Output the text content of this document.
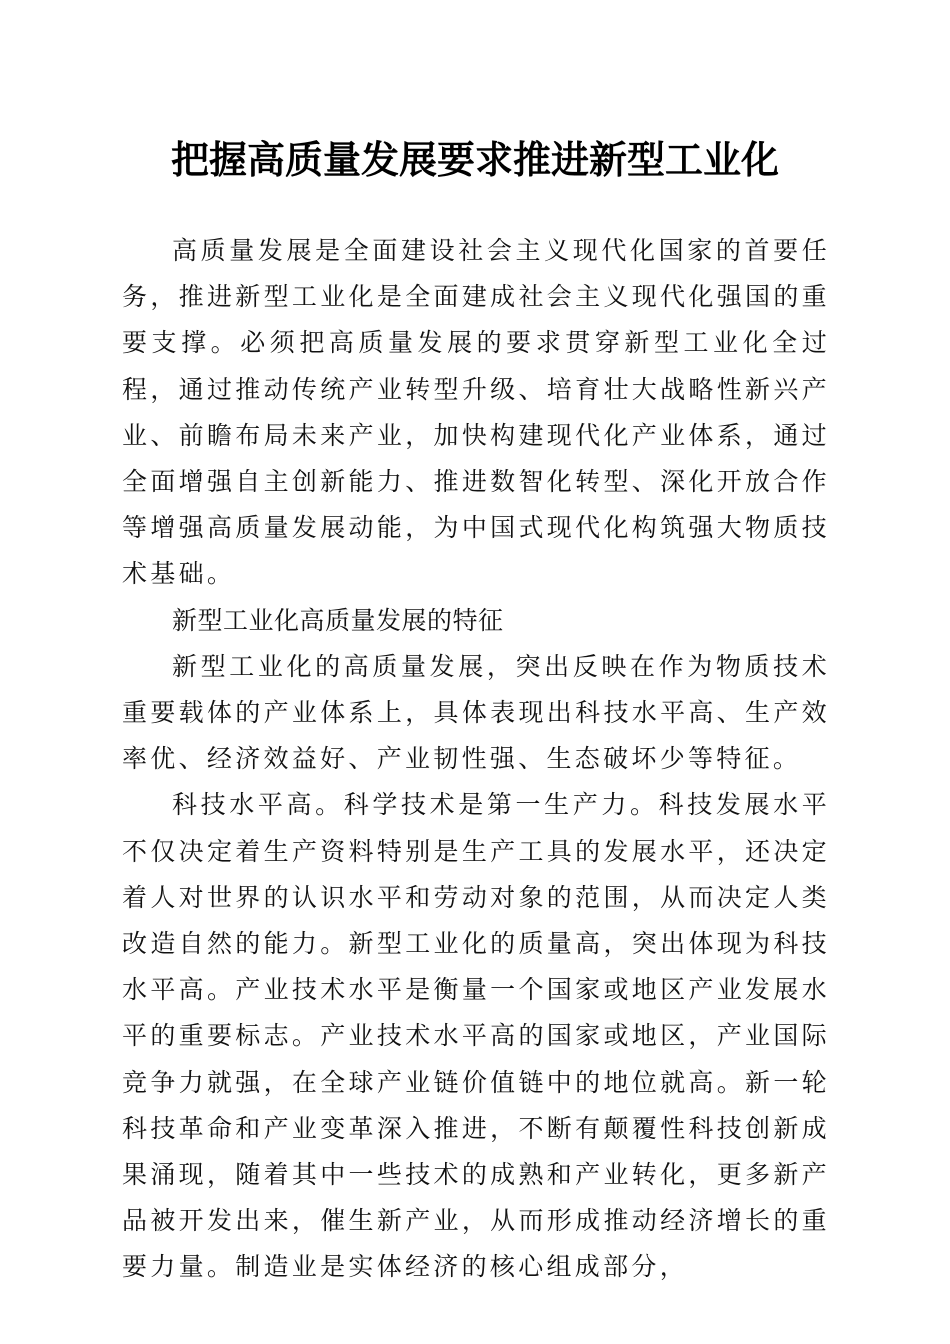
把握高质量发展要求推进新型工业化

高质量发展是全面建设社会主义现代化国家的首要任务，推进新型工业化是全面建成社会主义现代化强国的重要支撑。必须把高质量发展的要求贯穿新型工业化全过程，通过推动传统产业转型升级、培育壮大战略性新兴产业、前瞻布局未来产业，加快构建现代化产业体系，通过全面增强自主创新能力、推进数智化转型、深化开放合作等增强高质量发展动能，为中国式现代化构筑强大物质技术基础。

新型工业化高质量发展的特征

新型工业化的高质量发展，突出反映在作为物质技术重要载体的产业体系上，具体表现出科技水平高、生产效率优、经济效益好、产业韧性强、生态破坏少等特征。

科技水平高。科学技术是第一生产力。科技发展水平不仅决定着生产资料特别是生产工具的发展水平，还决定着人对世界的认识水平和劳动对象的范围，从而决定人类改造自然的能力。新型工业化的质量高，突出体现为科技水平高。产业技术水平是衡量一个国家或地区产业发展水平的重要标志。产业技术水平高的国家或地区，产业国际竞争力就强，在全球产业链价值链中的地位就高。新一轮科技革命和产业变革深入推进，不断有颠覆性科技创新成果涌现，随着其中一些技术的成熟和产业转化，更多新产品被开发出来，催生新产业，从而形成推动经济增长的重要力量。制造业是实体经济的核心组成部分，
